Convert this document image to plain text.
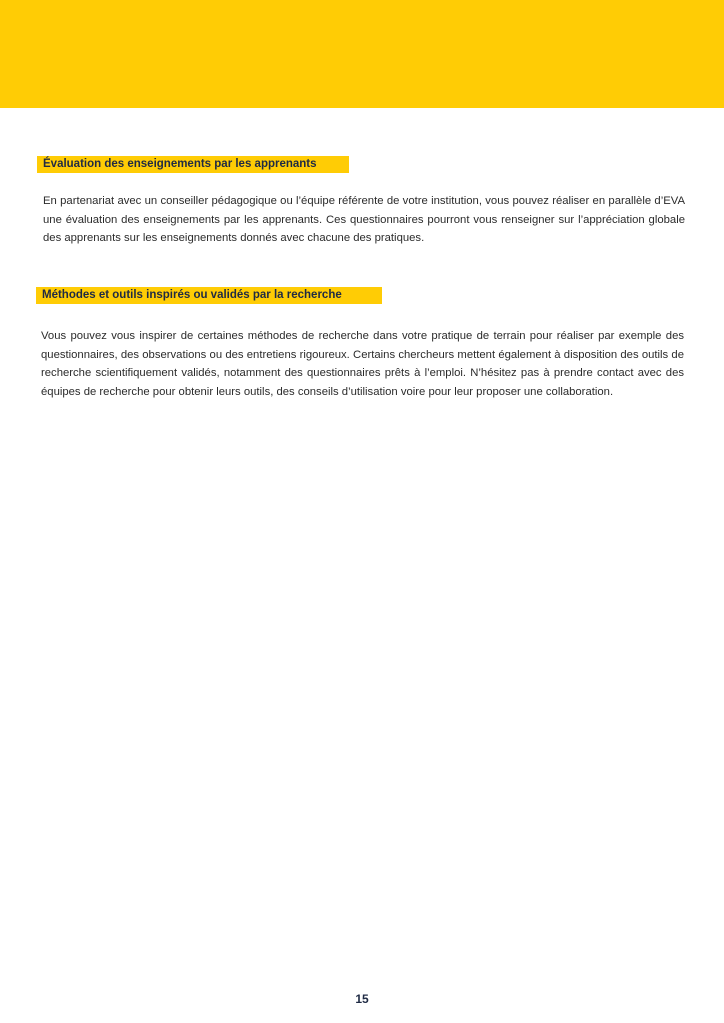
Évaluation des enseignements par les apprenants

En partenariat avec un conseiller pédagogique ou l’équipe référente de votre institution, vous pouvez réaliser en parallèle d’EVA une évaluation des enseignements par les apprenants. Ces questionnaires pourront vous renseigner sur l’appréciation globale des apprenants sur les enseignements donnés avec chacune des pratiques.

Méthodes et outils inspirés ou validés par la recherche

Vous pouvez vous inspirer de certaines méthodes de recherche dans votre pratique de terrain pour réaliser par exemple des questionnaires, des observations ou des entretiens rigoureux. Certains chercheurs mettent également à disposition des outils de recherche scientifiquement validés, notamment des questionnaires prêts à l’emploi. N’hésitez pas à prendre contact avec des équipes de recherche pour obtenir leurs outils, des conseils d’utilisation voire pour leur proposer une collaboration.

15
